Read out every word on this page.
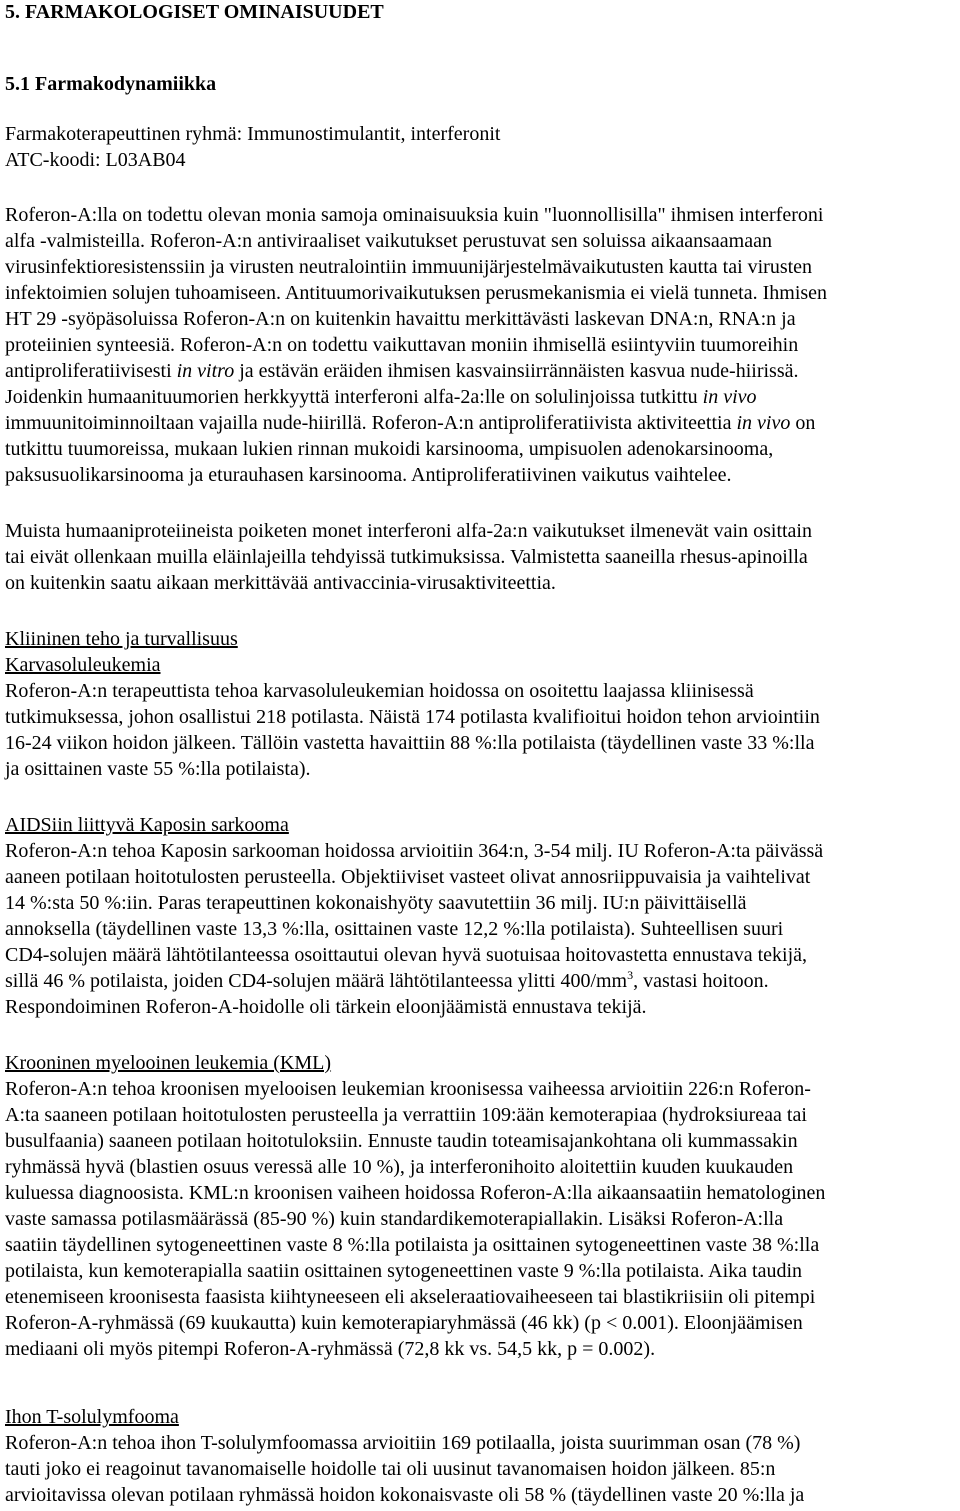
5. FARMAKOLOGISET OMINAISUUDET

5.1 Farmakodynamiikka

Farmakoterapeuttinen ryhmä: Immunostimulantit, interferonit

ATC-koodi: L03AB04

Roferon-A:lla on todettu olevan monia samoja ominaisuuksia kuin "luonnollisilla" ihmisen interferoni

alfa -valmisteilla. Roferon-A:n antiviraaliset vaikutukset perustuvat sen soluissa aikaansaamaan

virusinfektioresistenssiin ja virusten neutralointiin immuunijärjestelmävaikutusten kautta tai virusten

infektoimien solujen tuhoamiseen. Antituumorivaikutuksen perusmekanismia ei vielä tunneta. Ihmisen

HT 29 -syöpäsoluissa Roferon-A:n on kuitenkin havaittu merkittävästi laskevan DNA:n, RNA:n ja

proteiinien synteesiä. Roferon-A:n on todettu vaikuttavan moniin ihmisellä esiintyviin tuumoreihin

antiproliferatiivisesti in vitro ja estävän eräiden ihmisen kasvainsiirrännäisten kasvua nude-hiirissä.

Joidenkin humaanituumorien herkkyyttä interferoni alfa-2a:lle on solulinjoissa tutkittu in vivo

immuunitoiminnoiltaan vajailla nude-hiirillä. Roferon-A:n antiproliferatiivista aktiviteettia in vivo on

tutkittu tuumoreissa, mukaan lukien rinnan mukoidi karsinooma, umpisuolen adenokarsinooma,

paksusuolikarsinooma ja eturauhasen karsinooma. Antiproliferatiivinen vaikutus vaihtelee.

Muista humaaniproteiineista poiketen monet interferoni alfa-2a:n vaikutukset ilmenevät vain osittain

tai eivät ollenkaan muilla eläinlajeilla tehdyissä tutkimuksissa. Valmistetta saaneilla rhesus-apinoilla

on kuitenkin saatu aikaan merkittävää antivaccinia-virusaktiviteettia.

Kliininen teho ja turvallisuus

Karvasoluleukemia

Roferon-A:n terapeuttista tehoa karvasoluleukemian hoidossa on osoitettu laajassa kliinisessä

tutkimuksessa, johon osallistui 218 potilasta. Näistä 174 potilasta kvalifioitui hoidon tehon arviointiin

16-24 viikon hoidon jälkeen. Tällöin vastetta havaittiin 88 %:lla potilaista (täydellinen vaste 33 %:lla

ja osittainen vaste 55 %:lla potilaista).

AIDSiin liittyvä Kaposin sarkooma

Roferon-A:n tehoa Kaposin sarkooman hoidossa arvioitiin 364:n, 3-54 milj. IU Roferon-A:ta päivässä

aaneen potilaan hoitotulosten perusteella. Objektiiviset vasteet olivat annosriippuvaisia ja vaihtelivat

14 %:sta 50 %:iin. Paras terapeuttinen kokonaishyöty saavutettiin 36 milj. IU:n päivittäisellä

annoksella (täydellinen vaste 13,3 %:lla, osittainen vaste 12,2 %:lla potilaista). Suhteellisen suuri

CD4-solujen määrä lähtötilanteessa osoittautui olevan hyvä suotuisaa hoitovastetta ennustava tekijä,

sillä 46 % potilaista, joiden CD4-solujen määrä lähtötilanteessa ylitti $400/mm^3$, vastasi hoitoon.

Respondoiminen Roferon-A-hoidolle oli tärkein eloonjäämistä ennustava tekijä.

Krooninen myelooinen leukemia (KML)

Roferon-A:n tehoa kroonisen myelooisen leukemian kroonisessa vaiheessa arvioitiin 226:n Roferon-

A:ta saaneen potilaan hoitotulosten perusteella ja verrattiin 109:ään kemoterapiaa (hydroksiureaa tai

busulfaania) saaneen potilaan hoitotuloksiin. Ennuste taudin toteamisajankohtana oli kummassakin

ryhmässä hyvä (blastien osuus veressä alle 10 %), ja interferonihoito aloitettiin kuuden kuukauden

kuluessa diagnoosista. KML:n kroonisen vaiheen hoidossa Roferon-A:lla aikaansaatiin hematologinen

vaste samassa potilasmäärässä (85-90 %) kuin standardikemoterapiallakin. Lisäksi Roferon-A:lla

saatiin täydellinen sytogeneettinen vaste 8 %:lla potilaista ja osittainen sytogeneettinen vaste 38 %:lla

potilaista, kun kemoterapialla saatiin osittainen sytogeneettinen vaste 9 %:lla potilaista. Aika taudin

etenemiseen kroonisesta faasista kiihtyneeseen eli akseleraatiovaiheeseen tai blastikriisiin oli pitempi

Roferon-A-ryhmässä (69 kuukautta) kuin kemoterapiaryhmässä (46 kk) (p < 0.001). Eloonjäämisen

mediaani oli myös pitempi Roferon-A-ryhmässä (72,8 kk vs. 54,5 kk, p = 0.002).

Ihon T-solulymfooma

Roferon-A:n tehoa ihon T-solulymfoomassa arvioitiin 169 potilaalla, joista suurimman osan (78 %)

tauti joko ei reagoinut tavanomaiselle hoidolle tai oli uusinut tavanomaisen hoidon jälkeen. 85:n

arvioitavissa olevan potilaan ryhmässä hoidon kokonaisvaste oli 58 % (täydellinen vaste 20 %:lla ja
